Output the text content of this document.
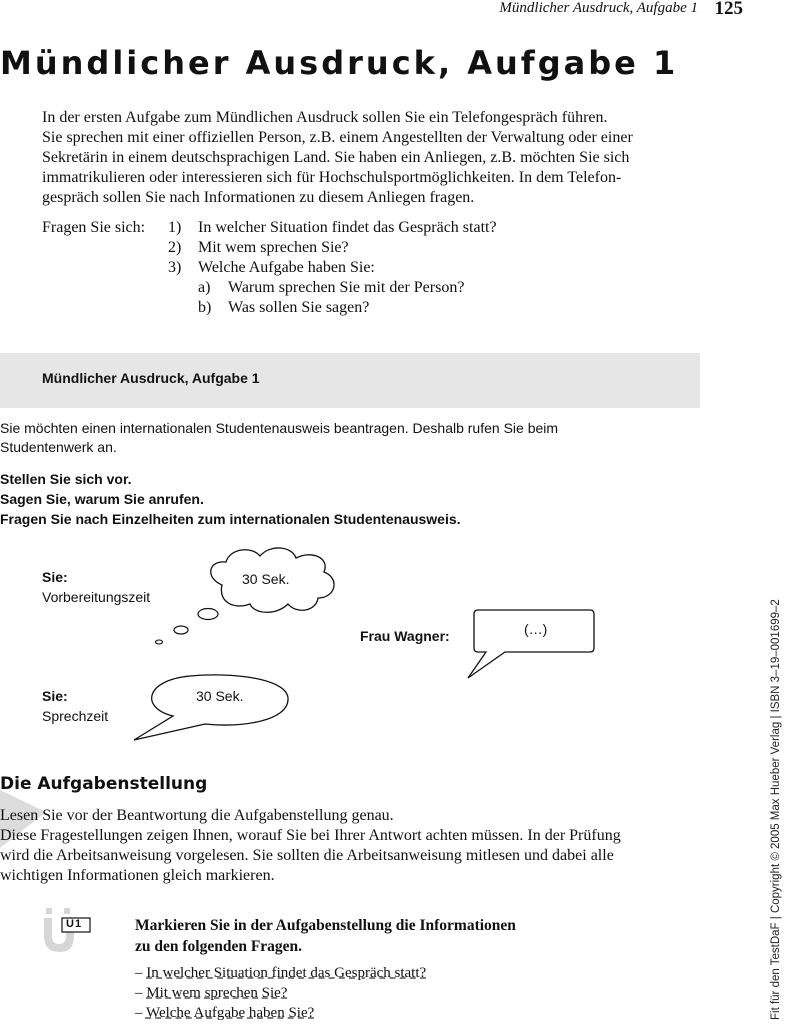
Mündlicher Ausdruck, Aufgabe 1 125
Mündlicher Ausdruck, Aufgabe 1

In der ersten Aufgabe zum Mündlichen Ausdruck sollen Sie ein Telefongespräch führen.

Sie sprechen mit einer offiziellen Person, z.B. einem Angestellten der Verwaltung oder einer

Sekretärin in einem deutschsprachigen Land. Sie haben ein Anliegen, z.B. möchten Sie sich

immatrikulieren oder interessieren sich für Hochschulsportmöglichkeiten. In dem Telefon-

gespräch sollen Sie nach Informationen zu diesem Anliegen fragen.

Fragen Sie sich: 1) In welcher Situation findet das Gespräch statt?
2) Mit wem sprechen Sie?
3) Welche Aufgabe haben Sie:
a) Warum sprechen Sie mit der Person?
b) Was sollen Sie sagen?
Mündlicher Ausdruck, Aufgabe 1
Sie möchten einen internationalen Studentenausweis beantragen. Deshalb rufen Sie beim
Studentenwerk an.
Stellen Sie sich vor.
Sagen Sie, warum Sie anrufen.
Fragen Sie nach Einzelheiten zum internationalen Studentenausweis.
Sie:
Vorbereitungszeit
30 Sek.
Frau Wagner:	(…)
Sie:
Sprechzeit
30 Sek.
Die Aufgabenstellung

Lesen Sie vor der Beantwortung die Aufgabenstellung genau.

Diese Fragestellungen zeigen Ihnen, worauf Sie bei Ihrer Antwort achten müssen. In der Prüfung

wird die Arbeitsanweisung vorgelesen. Sie sollten die Arbeitsanweisung mitlesen und dabei alle

wichtigen Informationen gleich markieren.

Ü1	Markieren Sie in der Aufgabenstellung die Informationen
zu den folgenden Fragen.
– In welcher Situation findet das Gespräch statt?
– Mit wem sprechen Sie?
– Welche Aufgabe haben Sie?	Fit für den TestDaF | Copyright © 2005 Max Hueber Verlag | ISBN 3–19–001699–2
